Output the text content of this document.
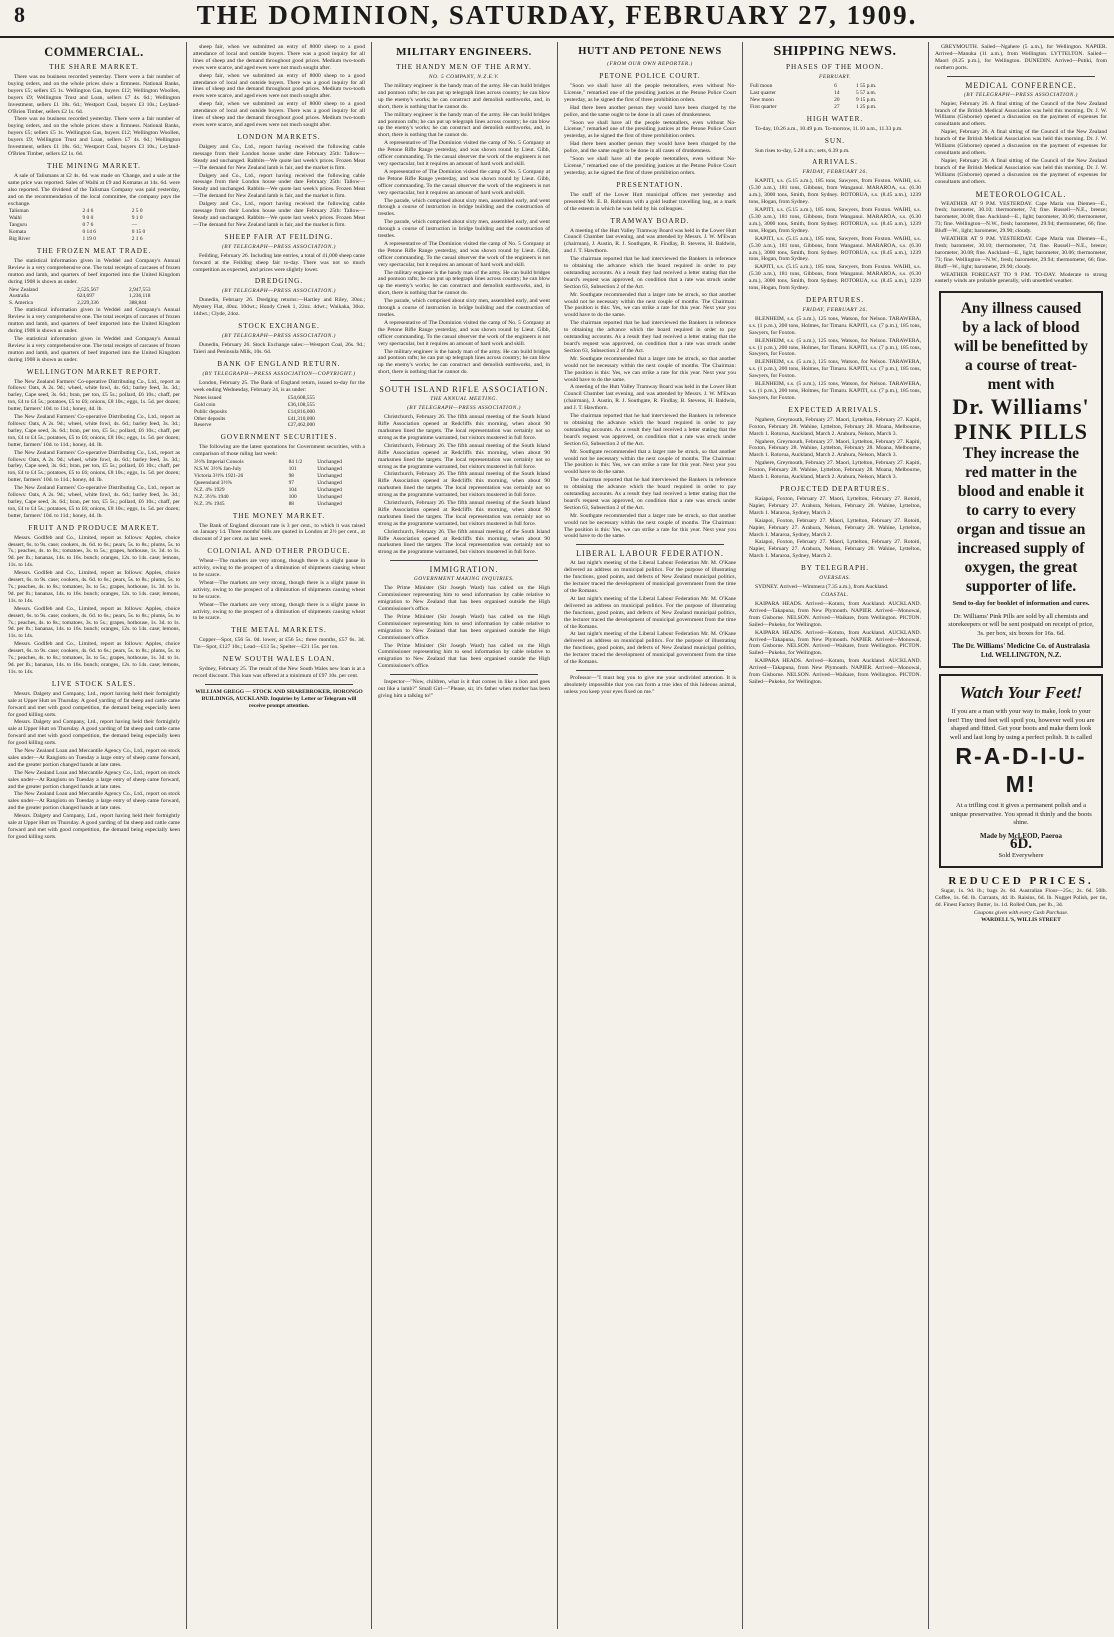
8	THE DOMINION, SATURDAY, FEBRUARY 27, 1909.
COMMERCIAL.
THE SHARE MARKET.

There was no business recorded yesterday. There were a fair number of buying orders, and on the whole prices show a firmness. National Banks, buyers £5; sellers £5 1s. Wellington Gas, buyers £12; Wellington Woollen, buyers £9; Wellington Trust and Loan, sellers £7 4s. 6d.; Wellington Investment, sellers £1 18s. 6d.; Westport Coal, buyers £3 10s.; Leyland-O'Brien Timber, sellers £2 1s. 6d.

There was no business recorded yesterday. There were a fair number of buying orders, and on the whole prices show a firmness. National Banks, buyers £5; sellers £5 1s. Wellington Gas, buyers £12; Wellington Woollen, buyers £9; Wellington Trust and Loan, sellers £7 4s. 6d.; Wellington Investment, sellers £1 18s. 6d.; Westport Coal, buyers £3 10s.; Leyland-O'Brien Timber, sellers £2 1s. 6d.

THE MINING MARKET.

A sale of Talismans at £2 4s. 6d. was made on 'Change, and a sale at the same price was reported. Sales of Waihi at £9 and Komatas at 14s. 6d. were also reported. The dividend of the Talisman Company was paid yesterday, and on the recommendation of the local committee, the company pays the exchange.

Talisman	2 4 6	2 5 0
Waihi	9 0 0	9 1 0
Tanguru	0 7 6	—
Komata	0 14 6	0 15 0
Big River	1 19 0	2 1 6
THE FROZEN MEAT TRADE.

The statistical information given in Weddel and Company's Annual Review is a very comprehensive one. The total receipts of carcases of frozen mutton and lamb, and quarters of beef imported into the United Kingdom during 1908 is shown as under.

New Zealand	2,525,567	2,947,553
Australia	624,697	1,236,118
S. America	2,229,336	388,844

The statistical information given in Weddel and Company's Annual Review is a very comprehensive one. The total receipts of carcases of frozen mutton and lamb, and quarters of beef imported into the United Kingdom during 1908 is shown as under.

The statistical information given in Weddel and Company's Annual Review is a very comprehensive one. The total receipts of carcases of frozen mutton and lamb, and quarters of beef imported into the United Kingdom during 1908 is shown as under.

WELLINGTON MARKET REPORT.

The New Zealand Farmers' Co-operative Distributing Co., Ltd., report as follows: Oats, A 2s. 9d.; wheel, white fowl, 4s. 6d.; barley feed, 3s. 3d.; barley, Cape seed, 3s. 6d.; bran, per ton, £5 5s.; pollard, £6 10s.; chaff, per ton, £4 to £4 5s.; potatoes, £5 to £6; onions, £8 10s.; eggs, 1s. 5d. per dozen; butter, farmers' 10d. to 11d.; honey, 4d. lb.

The New Zealand Farmers' Co-operative Distributing Co., Ltd., report as follows: Oats, A 2s. 9d.; wheel, white fowl, 4s. 6d.; barley feed, 3s. 3d.; barley, Cape seed, 3s. 6d.; bran, per ton, £5 5s.; pollard, £6 10s.; chaff, per ton, £4 to £4 5s.; potatoes, £5 to £6; onions, £8 10s.; eggs, 1s. 5d. per dozen; butter, farmers' 10d. to 11d.; honey, 4d. lb.

The New Zealand Farmers' Co-operative Distributing Co., Ltd., report as follows: Oats, A 2s. 9d.; wheel, white fowl, 4s. 6d.; barley feed, 3s. 3d.; barley, Cape seed, 3s. 6d.; bran, per ton, £5 5s.; pollard, £6 10s.; chaff, per ton, £4 to £4 5s.; potatoes, £5 to £6; onions, £8 10s.; eggs, 1s. 5d. per dozen; butter, farmers' 10d. to 11d.; honey, 4d. lb.

The New Zealand Farmers' Co-operative Distributing Co., Ltd., report as follows: Oats, A 2s. 9d.; wheel, white fowl, 4s. 6d.; barley feed, 3s. 3d.; barley, Cape seed, 3s. 6d.; bran, per ton, £5 5s.; pollard, £6 10s.; chaff, per ton, £4 to £4 5s.; potatoes, £5 to £6; onions, £8 10s.; eggs, 1s. 5d. per dozen; butter, farmers' 10d. to 11d.; honey, 4d. lb.

FRUIT AND PRODUCE MARKET.

Messrs. Godlfeb and Co., Limited, report as follows: Apples, choice dessert, 6s. to 9s. case; cookers, 4s. 6d. to 6s.; pears, 5s. to 8s.; plums, 5s. to 7s.; peaches, 4s. to 8s.; tomatoes, 3s. to 5s.; grapes, hothouse, 1s. 3d. to 1s. 9d. per lb.; bananas, 14s. to 16s. bunch; oranges, 12s. to 14s. case; lemons, 11s. to 14s.

Messrs. Godlfeb and Co., Limited, report as follows: Apples, choice dessert, 6s. to 9s. case; cookers, 4s. 6d. to 6s.; pears, 5s. to 8s.; plums, 5s. to 7s.; peaches, 4s. to 8s.; tomatoes, 3s. to 5s.; grapes, hothouse, 1s. 3d. to 1s. 9d. per lb.; bananas, 14s. to 16s. bunch; oranges, 12s. to 14s. case; lemons, 11s. to 14s.

Messrs. Godlfeb and Co., Limited, report as follows: Apples, choice dessert, 6s. to 9s. case; cookers, 4s. 6d. to 6s.; pears, 5s. to 8s.; plums, 5s. to 7s.; peaches, 4s. to 8s.; tomatoes, 3s. to 5s.; grapes, hothouse, 1s. 3d. to 1s. 9d. per lb.; bananas, 14s. to 16s. bunch; oranges, 12s. to 14s. case; lemons, 11s. to 14s.

Messrs. Godlfeb and Co., Limited, report as follows: Apples, choice dessert, 6s. to 9s. case; cookers, 4s. 6d. to 6s.; pears, 5s. to 8s.; plums, 5s. to 7s.; peaches, 4s. to 8s.; tomatoes, 3s. to 5s.; grapes, hothouse, 1s. 3d. to 1s. 9d. per lb.; bananas, 14s. to 16s. bunch; oranges, 12s. to 14s. case; lemons, 11s. to 14s.

LIVE STOCK SALES.

Messrs. Dalgety and Company, Ltd., report having held their fortnightly sale at Upper Hutt on Thursday. A good yarding of fat sheep and cattle came forward and met with good competition, the demand being especially keen for good killing sorts.

Messrs. Dalgety and Company, Ltd., report having held their fortnightly sale at Upper Hutt on Thursday. A good yarding of fat sheep and cattle came forward and met with good competition, the demand being especially keen for good killing sorts.

The New Zealand Loan and Mercantile Agency Co., Ltd., report on stock sales under—At Rangiotu on Tuesday a large entry of sheep came forward, and the greater portion changed hands at late rates.

The New Zealand Loan and Mercantile Agency Co., Ltd., report on stock sales under—At Rangiotu on Tuesday a large entry of sheep came forward, and the greater portion changed hands at late rates.

The New Zealand Loan and Mercantile Agency Co., Ltd., report on stock sales under—At Rangiotu on Tuesday a large entry of sheep came forward, and the greater portion changed hands at late rates.

Messrs. Dalgety and Company, Ltd., report having held their fortnightly sale at Upper Hutt on Thursday. A good yarding of fat sheep and cattle came forward and met with good competition, the demand being especially keen for good killing sorts.

sheep fair, when we submitted an entry of 8000 sheep to a good attendance of local and outside buyers. There was a good inquiry for all lines of sheep and the demand throughout good prices. Medium two-tooth ewes were scarce, and aged ewes were not much sought after.

sheep fair, when we submitted an entry of 8000 sheep to a good attendance of local and outside buyers. There was a good inquiry for all lines of sheep and the demand throughout good prices. Medium two-tooth ewes were scarce, and aged ewes were not much sought after.

sheep fair, when we submitted an entry of 8000 sheep to a good attendance of local and outside buyers. There was a good inquiry for all lines of sheep and the demand throughout good prices. Medium two-tooth ewes were scarce, and aged ewes were not much sought after.

LONDON MARKETS.

Dalgety and Co., Ltd., report having received the following cable message from their London house under date February 25th: Tallow—Steady and unchanged. Rabbits—We quote last week's prices. Frozen Meat—The demand for New Zealand lamb is fair, and the market is firm.

Dalgety and Co., Ltd., report having received the following cable message from their London house under date February 25th: Tallow—Steady and unchanged. Rabbits—We quote last week's prices. Frozen Meat—The demand for New Zealand lamb is fair, and the market is firm.

Dalgety and Co., Ltd., report having received the following cable message from their London house under date February 25th: Tallow—Steady and unchanged. Rabbits—We quote last week's prices. Frozen Meat—The demand for New Zealand lamb is fair, and the market is firm.

SHEEP FAIR AT FEILDING.
(BY TELEGRAPH—PRESS ASSOCIATION.)

Feilding, February 26. Including late entries, a total of 41,000 sheep came forward at the Feilding sheep fair to-day. There was not so much competition as expected, and prices were slightly lower.

DREDGING.
(BY TELEGRAPH—PRESS ASSOCIATION.)

Dunedin, February 26. Dredging returns:—Hartley and Riley, 30oz.; Mystery Flat, 40oz. 10dwt.; Hundy Creek 1, 22oz. 4dwt.; Waikaka, 30oz. 14dwt.; Clyde, 24oz.

STOCK EXCHANGE.
(BY TELEGRAPH—PRESS ASSOCIATION.)

Dunedin, February 26. Stock Exchange sales:—Westport Coal, 26s. 9d.; Taieri and Peninsula Milk, 10s. 6d.

BANK OF ENGLAND RETURN.
(BY TELEGRAPH—PRESS ASSOCIATION—COPYRIGHT.)

London, February 25. The Bank of England return, issued to-day for the week ending Wednesday, February 24, is as under:

Notes issued	£54,608,555
Gold coin	£36,108,555
Public deposits	£14,816,000
Other deposits	£41,310,000
Reserve	£27,462,000
GOVERNMENT SECURITIES.

The following are the latest quotations for Government securities, with a comparison of those ruling last week:

3½% Imperial Consols	84 1/2	Unchanged
N.S.W. 3½% Jan-July	101	Unchanged
Victoria 3½% 1921-26	98	Unchanged
Queensland 3½%	97	Unchanged
N.Z. 4% 1929	104	Unchanged
N.Z. 3½% 1940	100	Unchanged
N.Z. 3% 1945	88	Unchanged
THE MONEY MARKET.

The Bank of England discount rate is 3 per cent., to which it was raised on January 14. Three months' bills are quoted in London at 2½ per cent., at discount of 2 per cent. as last week.

COLONIAL AND OTHER PRODUCE.

Wheat—The markets are very strong, though there is a slight pause in activity, owing to the prospect of a diminution of shipments causing wheat to be scarce.

Wheat—The markets are very strong, though there is a slight pause in activity, owing to the prospect of a diminution of shipments causing wheat to be scarce.

Wheat—The markets are very strong, though there is a slight pause in activity, owing to the prospect of a diminution of shipments causing wheat to be scarce.

THE METAL MARKETS.

Copper—Spot, £56 5s. 0d. lower, at £56 5s.; three months, £57 6s. 3d. Tin—Spot, £127 10s.; Lead—£13 5s.; Spelter—£21 15s. per ton.

NEW SOUTH WALES LOAN.

Sydney, February 25. The result of the New South Wales new loan is at a record discount. This loan was offered at a minimum of £97 10s. per cent.

WILLIAM GREGG — STOCK AND SHAREBROKER, HORONGO BUILDINGS, AUCKLAND. Inquiries by Letter or Telegram will receive prompt attention.

MILITARY ENGINEERS.
THE HANDY MEN OF THE ARMY.
NO. 5 COMPANY, N.Z.E.V.

The military engineer is the handy man of the army. He can build bridges and pontoon rafts; he can put up telegraph lines across country; he can blow up the enemy's works; he can construct and demolish earthworks, and, in short, there is nothing that he cannot do.

The military engineer is the handy man of the army. He can build bridges and pontoon rafts; he can put up telegraph lines across country; he can blow up the enemy's works; he can construct and demolish earthworks, and, in short, there is nothing that he cannot do.

A representative of The Dominion visited the camp of No. 5 Company at the Petone Rifle Range yesterday, and was shown round by Lieut. Gibb, officer commanding. To the casual observer the work of the engineers is not very spectacular, but it requires an amount of hard work and skill.

A representative of The Dominion visited the camp of No. 5 Company at the Petone Rifle Range yesterday, and was shown round by Lieut. Gibb, officer commanding. To the casual observer the work of the engineers is not very spectacular, but it requires an amount of hard work and skill.

The parade, which comprised about sixty men, assembled early, and went through a course of instruction in bridge building and the construction of trestles.

The parade, which comprised about sixty men, assembled early, and went through a course of instruction in bridge building and the construction of trestles.

A representative of The Dominion visited the camp of No. 5 Company at the Petone Rifle Range yesterday, and was shown round by Lieut. Gibb, officer commanding. To the casual observer the work of the engineers is not very spectacular, but it requires an amount of hard work and skill.

The military engineer is the handy man of the army. He can build bridges and pontoon rafts; he can put up telegraph lines across country; he can blow up the enemy's works; he can construct and demolish earthworks, and, in short, there is nothing that he cannot do.

The parade, which comprised about sixty men, assembled early, and went through a course of instruction in bridge building and the construction of trestles.

A representative of The Dominion visited the camp of No. 5 Company at the Petone Rifle Range yesterday, and was shown round by Lieut. Gibb, officer commanding. To the casual observer the work of the engineers is not very spectacular, but it requires an amount of hard work and skill.

The military engineer is the handy man of the army. He can build bridges and pontoon rafts; he can put up telegraph lines across country; he can blow up the enemy's works; he can construct and demolish earthworks, and, in short, there is nothing that he cannot do.

SOUTH ISLAND RIFLE ASSOCIATION.
THE ANNUAL MEETING.
(BY TELEGRAPH—PRESS ASSOCIATION.)

Christchurch, February 26. The fifth annual meeting of the South Island Rifle Association opened at Redcliffs this morning, when about 90 marksmen lined the targets. The local representation was certainly not so strong as the programme warranted, but visitors mustered in full force.

Christchurch, February 26. The fifth annual meeting of the South Island Rifle Association opened at Redcliffs this morning, when about 90 marksmen lined the targets. The local representation was certainly not so strong as the programme warranted, but visitors mustered in full force.

Christchurch, February 26. The fifth annual meeting of the South Island Rifle Association opened at Redcliffs this morning, when about 90 marksmen lined the targets. The local representation was certainly not so strong as the programme warranted, but visitors mustered in full force.

Christchurch, February 26. The fifth annual meeting of the South Island Rifle Association opened at Redcliffs this morning, when about 90 marksmen lined the targets. The local representation was certainly not so strong as the programme warranted, but visitors mustered in full force.

Christchurch, February 26. The fifth annual meeting of the South Island Rifle Association opened at Redcliffs this morning, when about 90 marksmen lined the targets. The local representation was certainly not so strong as the programme warranted, but visitors mustered in full force.

IMMIGRATION.
GOVERNMENT MAKING INQUIRIES.

The Prime Minister (Sir Joseph Ward) has called on the High Commissioner representing him to send information by cable relative to emigration to New Zealand that has been organised outside the High Commissioner's office.

The Prime Minister (Sir Joseph Ward) has called on the High Commissioner representing him to send information by cable relative to emigration to New Zealand that has been organised outside the High Commissioner's office.

The Prime Minister (Sir Joseph Ward) has called on the High Commissioner representing him to send information by cable relative to emigration to New Zealand that has been organised outside the High Commissioner's office.

Inspector—"Now, children, what is it that comes in like a lion and goes out like a lamb?" Small Girl—"Please, sir, it's father when mother has been giving him a talking to!"

HUTT AND PETONE NEWS
(FROM OUR OWN REPORTER.)
PETONE POLICE COURT.

"Soon we shall have all the people teetotallers, even without No-License," remarked one of the presiding justices at the Petone Police Court yesterday, as he signed the first of three prohibition orders.

Had there been another person they would have been charged by the police, and the same ought to be done in all cases of drunkenness.

"Soon we shall have all the people teetotallers, even without No-License," remarked one of the presiding justices at the Petone Police Court yesterday, as he signed the first of three prohibition orders.

Had there been another person they would have been charged by the police, and the same ought to be done in all cases of drunkenness.

"Soon we shall have all the people teetotallers, even without No-License," remarked one of the presiding justices at the Petone Police Court yesterday, as he signed the first of three prohibition orders.

PRESENTATION.

The staff of the Lower Hutt municipal offices met yesterday and presented Mr. E. B. Robinson with a gold leather travelling bag, as a mark of the esteem in which he was held by his colleagues.

TRAMWAY BOARD.

A meeting of the Hutt Valley Tramway Board was held in the Lower Hutt Council Chamber last evening, and was attended by Messrs. J. W. M'Ewan (chairman), J. Austin, R. J. Southgate, R. Findlay, B. Stevens, H. Baldwin, and J. T. Hawthorn.

The chairman reported that he had interviewed the Bankers in reference to obtaining the advance which the board required in order to pay outstanding accounts. As a result they had received a letter stating that the board's request was approved, on condition that a rate was struck under Section 63, Subsection 2 of the Act.

Mr. Southgate recommended that a larger rate be struck, so that another would not be necessary within the next couple of months. The Chairman: The position is this: Yes, we can strike a rate for this year. Next year you would have to do the same.

The chairman reported that he had interviewed the Bankers in reference to obtaining the advance which the board required in order to pay outstanding accounts. As a result they had received a letter stating that the board's request was approved, on condition that a rate was struck under Section 63, Subsection 2 of the Act.

Mr. Southgate recommended that a larger rate be struck, so that another would not be necessary within the next couple of months. The Chairman: The position is this: Yes, we can strike a rate for this year. Next year you would have to do the same.

A meeting of the Hutt Valley Tramway Board was held in the Lower Hutt Council Chamber last evening, and was attended by Messrs. J. W. M'Ewan (chairman), J. Austin, R. J. Southgate, R. Findlay, B. Stevens, H. Baldwin, and J. T. Hawthorn.

The chairman reported that he had interviewed the Bankers in reference to obtaining the advance which the board required in order to pay outstanding accounts. As a result they had received a letter stating that the board's request was approved, on condition that a rate was struck under Section 63, Subsection 2 of the Act.

Mr. Southgate recommended that a larger rate be struck, so that another would not be necessary within the next couple of months. The Chairman: The position is this: Yes, we can strike a rate for this year. Next year you would have to do the same.

The chairman reported that he had interviewed the Bankers in reference to obtaining the advance which the board required in order to pay outstanding accounts. As a result they had received a letter stating that the board's request was approved, on condition that a rate was struck under Section 63, Subsection 2 of the Act.

Mr. Southgate recommended that a larger rate be struck, so that another would not be necessary within the next couple of months. The Chairman: The position is this: Yes, we can strike a rate for this year. Next year you would have to do the same.

LIBERAL LABOUR FEDERATION.

At last night's meeting of the Liberal Labour Federation Mr. M. O'Kane delivered an address on municipal politics. For the purpose of illustrating the functions, good points, and defects of New Zealand municipal politics, the lecturer traced the development of municipal government from the time of the Romans.

At last night's meeting of the Liberal Labour Federation Mr. M. O'Kane delivered an address on municipal politics. For the purpose of illustrating the functions, good points, and defects of New Zealand municipal politics, the lecturer traced the development of municipal government from the time of the Romans.

At last night's meeting of the Liberal Labour Federation Mr. M. O'Kane delivered an address on municipal politics. For the purpose of illustrating the functions, good points, and defects of New Zealand municipal politics, the lecturer traced the development of municipal government from the time of the Romans.

Professor—"I must beg you to give me your undivided attention. It is absolutely impossible that you can form a true idea of this hideous animal, unless you keep your eyes fixed on me."

SHIPPING NEWS.
PHASES OF THE MOON.
FEBRUARY.
Full moon	6	1 55 p.m.
Last quarter	14	5 57 a.m.
New moon	20	9 15 p.m.
First quarter	27	1 25 p.m.
HIGH WATER.

To-day, 10.26 a.m., 10.49 p.m. To-morrow, 11.10 a.m., 11.33 p.m.

SUN.

Sun rises to-day, 5.28 a.m.; sets, 6.39 p.m.

ARRIVALS.
FRIDAY, FEBRUARY 26.

KAPITI, s.s. (5.15 a.m.), 185 tons, Sawyers, from Foxton. WAIHI, s.s. (5.30 a.m.), 181 tons, Gibbons, from Wanganui. MARAROA, s.s. (6.30 a.m.), 3000 tons, Smith, from Sydney. ROTORUA, s.s. (8.45 a.m.), 1239 tons, Hogan, from Sydney.

KAPITI, s.s. (5.15 a.m.), 185 tons, Sawyers, from Foxton. WAIHI, s.s. (5.30 a.m.), 181 tons, Gibbons, from Wanganui. MARAROA, s.s. (6.30 a.m.), 3000 tons, Smith, from Sydney. ROTORUA, s.s. (8.45 a.m.), 1239 tons, Hogan, from Sydney.

KAPITI, s.s. (5.15 a.m.), 185 tons, Sawyers, from Foxton. WAIHI, s.s. (5.30 a.m.), 181 tons, Gibbons, from Wanganui. MARAROA, s.s. (6.30 a.m.), 3000 tons, Smith, from Sydney. ROTORUA, s.s. (8.45 a.m.), 1239 tons, Hogan, from Sydney.

KAPITI, s.s. (5.15 a.m.), 185 tons, Sawyers, from Foxton. WAIHI, s.s. (5.30 a.m.), 181 tons, Gibbons, from Wanganui. MARAROA, s.s. (6.30 a.m.), 3000 tons, Smith, from Sydney. ROTORUA, s.s. (8.45 a.m.), 1239 tons, Hogan, from Sydney.

DEPARTURES.
FRIDAY, FEBRUARY 26.

BLENHEIM, s.s. (5 a.m.), 125 tons, Watson, for Nelson. TARAWERA, s.s. (1 p.m.), 200 tons, Holmes, for Timaru. KAPITI, s.s. (7 p.m.), 185 tons, Sawyers, for Foxton.

BLENHEIM, s.s. (5 a.m.), 125 tons, Watson, for Nelson. TARAWERA, s.s. (1 p.m.), 200 tons, Holmes, for Timaru. KAPITI, s.s. (7 p.m.), 185 tons, Sawyers, for Foxton.

BLENHEIM, s.s. (5 a.m.), 125 tons, Watson, for Nelson. TARAWERA, s.s. (1 p.m.), 200 tons, Holmes, for Timaru. KAPITI, s.s. (7 p.m.), 185 tons, Sawyers, for Foxton.

BLENHEIM, s.s. (5 a.m.), 125 tons, Watson, for Nelson. TARAWERA, s.s. (1 p.m.), 200 tons, Holmes, for Timaru. KAPITI, s.s. (7 p.m.), 185 tons, Sawyers, for Foxton.

EXPECTED ARRIVALS.

Ngahere, Greymouth, February 27. Maori, Lyttelton, February 27. Kapiti, Foxton, February 28. Wahine, Lyttelton, February 28. Moana, Melbourne, March 1. Rotorua, Auckland, March 2. Arahura, Nelson, March 3.

Ngahere, Greymouth, February 27. Maori, Lyttelton, February 27. Kapiti, Foxton, February 28. Wahine, Lyttelton, February 28. Moana, Melbourne, March 1. Rotorua, Auckland, March 2. Arahura, Nelson, March 3.

Ngahere, Greymouth, February 27. Maori, Lyttelton, February 27. Kapiti, Foxton, February 28. Wahine, Lyttelton, February 28. Moana, Melbourne, March 1. Rotorua, Auckland, March 2. Arahura, Nelson, March 3.

PROJECTED DEPARTURES.

Kaiapoi, Foxton, February 27. Maori, Lyttelton, February 27. Rotoiti, Napier, February 27. Arahura, Nelson, February 28. Wahine, Lyttelton, March 1. Mararoa, Sydney, March 2.

Kaiapoi, Foxton, February 27. Maori, Lyttelton, February 27. Rotoiti, Napier, February 27. Arahura, Nelson, February 28. Wahine, Lyttelton, March 1. Mararoa, Sydney, March 2.

Kaiapoi, Foxton, February 27. Maori, Lyttelton, February 27. Rotoiti, Napier, February 27. Arahura, Nelson, February 28. Wahine, Lyttelton, March 1. Mararoa, Sydney, March 2.

BY TELEGRAPH.
OVERSEAS.

SYDNEY. Arrived—Wimmera (7.35 a.m.), from Auckland.

COASTAL.

KAIPARA HEADS. Arrived—Kotutu, from Auckland. AUCKLAND. Arrived—Takapuna, from New Plymouth. NAPIER. Arrived—Monowai, from Gisborne. NELSON. Arrived—Waikare, from Wellington. PICTON. Sailed—Pukeko, for Wellington.

KAIPARA HEADS. Arrived—Kotutu, from Auckland. AUCKLAND. Arrived—Takapuna, from New Plymouth. NAPIER. Arrived—Monowai, from Gisborne. NELSON. Arrived—Waikare, from Wellington. PICTON. Sailed—Pukeko, for Wellington.

KAIPARA HEADS. Arrived—Kotutu, from Auckland. AUCKLAND. Arrived—Takapuna, from New Plymouth. NAPIER. Arrived—Monowai, from Gisborne. NELSON. Arrived—Waikare, from Wellington. PICTON. Sailed—Pukeko, for Wellington.

GREYMOUTH. Sailed—Ngahere (5 a.m.), for Wellington. NAPIER. Arrived—Manuka (11 a.m.), from Wellington. LYTTELTON. Sailed—Maori (8.25 p.m.), for Wellington. DUNEDIN. Arrived—Putiki, from northern ports.

MEDICAL CONFERENCE.
(BY TELEGRAPH—PRESS ASSOCIATION.)

Napier, February 26. A final sitting of the Council of the New Zealand branch of the British Medical Association was held this morning. Dr. J. W. Williams (Gisborne) opened a discussion on the payment of expenses for consultants and others.

Napier, February 26. A final sitting of the Council of the New Zealand branch of the British Medical Association was held this morning. Dr. J. W. Williams (Gisborne) opened a discussion on the payment of expenses for consultants and others.

Napier, February 26. A final sitting of the Council of the New Zealand branch of the British Medical Association was held this morning. Dr. J. W. Williams (Gisborne) opened a discussion on the payment of expenses for consultants and others.

METEOROLOGICAL.

WEATHER AT 9 P.M. YESTERDAY. Cape Maria van Diemen—E., fresh; barometer, 30.10; thermometer, 74; fine. Russell—N.E., breeze; barometer, 30.08; fine. Auckland—E., light; barometer, 30.06; thermometer, 73; fine. Wellington—N.W., fresh; barometer, 29.94; thermometer, 66; fine. Bluff—W., light; barometer, 29.90; cloudy.

WEATHER AT 9 P.M. YESTERDAY. Cape Maria van Diemen—E., fresh; barometer, 30.10; thermometer, 74; fine. Russell—N.E., breeze; barometer, 30.08; fine. Auckland—E., light; barometer, 30.06; thermometer, 73; fine. Wellington—N.W., fresh; barometer, 29.94; thermometer, 66; fine. Bluff—W., light; barometer, 29.90; cloudy.

WEATHER FORECAST TO 9 P.M. TO-DAY. Moderate to strong easterly winds are probable generally, with unsettled weather.

Any illness caused
by a lack of blood
will be benefitted by
a course of treat-
ment with
Dr. Williams'
PINK PILLS
They increase the
red matter in the
blood and enable it
to carry to every
organ and tissue an
increased supply of
oxygen, the great
supporter of life.
Send to-day for booklet of information and cures.
Dr. Williams' Pink Pills are sold by all chemists and storekeepers or will be sent postpaid on receipt of price, 3s. per box, six boxes for 16s. 6d.
The Dr. Williams' Medicine Co. of Australasia Ltd. WELLINGTON, N.Z.
Watch Your Feet!
If you are a man with your way to make, look to your feet! Tiny tired feet will spoil you, however well you are shaped and fitted. Get your boots and make them look well and last long by using a perfect polish. It is called
R-A-D-I-U-M!
At a trifling cost it gives a permanent polish and a unique preservative. You spread it thinly and the boots shine.
Made by McLEOD, Paeroa
6D.
Sold Everywhere
REDUCED PRICES.

Sugar, 1s. 9d. lb.; bags 2s. 6d. Australian Flour—25s.; 2s. 6d. 50lb. Coffee, 1s. 6d. lb. Currants, 4d. lb. Raisins, 6d. lb. Nugget Polish, per tin, 4d. Finest Factory Butter, 1s. 1d. Rolled Oats, per lb., 3d.

Coupons given with every Cash Purchase.

WARDELL'S, WILLIS STREET
